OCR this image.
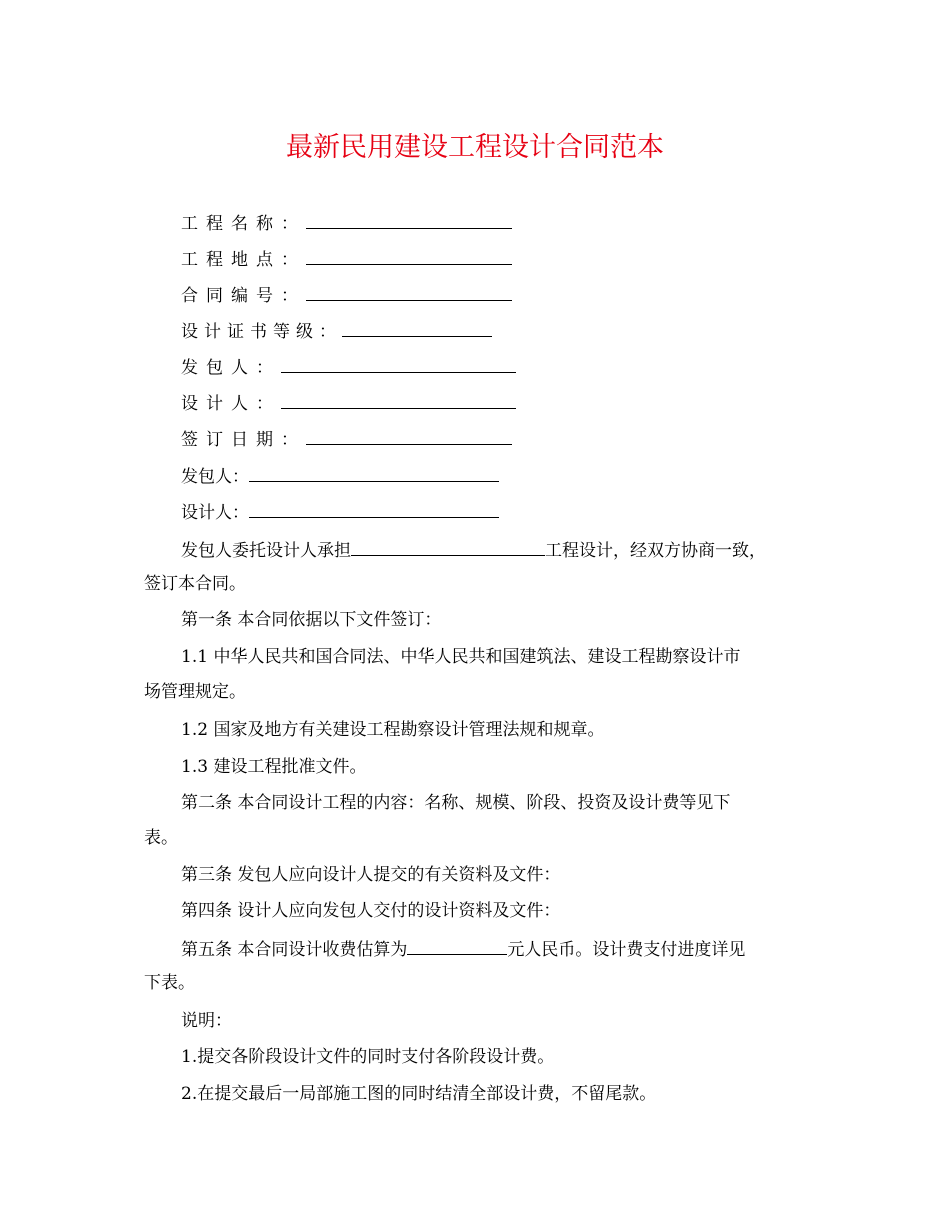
最新民用建设工程设计合同范本
工程名称：
工程地点：
合同编号：
设计证书等级：
发包人：
设计人：
签订日期：
发包人：
设计人：
发包人委托设计人承担	工程设计，经双方协商一致，
签订本合同。
第一条 本合同依据以下文件签订：
1.1 中华人民共和国合同法、中华人民共和国建筑法、建设工程勘察设计市
场管理规定。
1.2 国家及地方有关建设工程勘察设计管理法规和规章。
1.3 建设工程批准文件。
第二条 本合同设计工程的内容：名称、规模、阶段、投资及设计费等见下
表。
第三条 发包人应向设计人提交的有关资料及文件：
第四条 设计人应向发包人交付的设计资料及文件：
第五条 本合同设计收费估算为	元人民币。设计费支付进度详见
下表。
说明：
1.提交各阶段设计文件的同时支付各阶段设计费。
2.在提交最后一局部施工图的同时结清全部设计费，不留尾款。
